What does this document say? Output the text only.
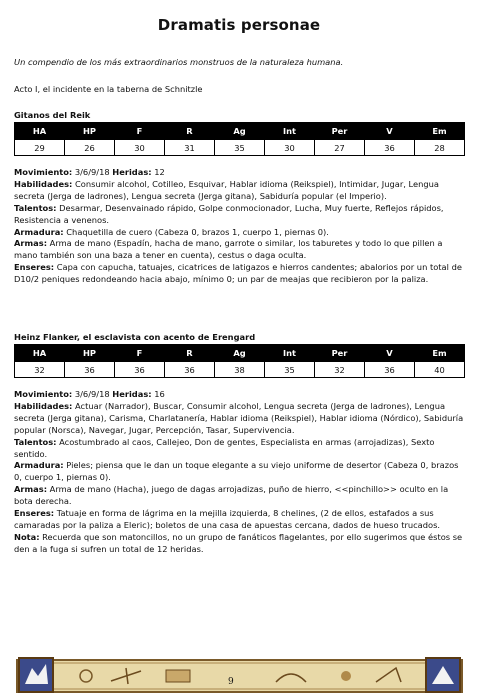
Dramatis personae
Un compendio de los más extraordinarios monstruos de la naturaleza humana.
Acto I, el incidente en la taberna de Schnitzle
Gitanos del Reik
HA	HP	F	R	Ag	Int	Per	V	Em
29	26	30	31	35	30	27	36	28

Movimiento: 3/6/9/18 Heridas: 12

Habilidades: Consumir alcohol, Cotilleo, Esquivar, Hablar idioma (Reikspiel), Intimidar, Jugar, Lengua secreta (Jerga de ladrones), Lengua secreta (Jerga gitana), Sabiduría popular (el Imperio).

Talentos: Desarmar, Desenvainado rápido, Golpe conmocionador, Lucha, Muy fuerte, Reflejos rápidos, Resistencia a venenos.

Armadura: Chaquetilla de cuero (Cabeza 0, brazos 1, cuerpo 1, piernas 0).

Armas: Arma de mano (Espadín, hacha de mano, garrote o similar, los taburetes y todo lo que pillen a mano también son una baza a tener en cuenta), cestus o daga oculta.

Enseres: Capa con capucha, tatuajes, cicatrices de latigazos e hierros candentes; abalorios por un total de D10/2 peniques redondeando hacia abajo, mínimo 0; un par de meajas que recibieron por la paliza.

Heinz Flanker, el esclavista con acento de Erengard
HA	HP	F	R	Ag	Int	Per	V	Em
32	36	36	36	38	35	32	36	40

Movimiento: 3/6/9/18 Heridas: 16

Habilidades: Actuar (Narrador), Buscar, Consumir alcohol, Lengua secreta (Jerga de ladrones), Lengua secreta (Jerga gitana), Carisma, Charlatanería, Hablar idioma (Reikspiel), Hablar idioma (Nórdico), Sabiduría popular (Norsca), Navegar, Jugar, Percepción, Tasar, Supervivencia.

Talentos: Acostumbrado al caos, Callejeo, Don de gentes, Especialista en armas (arrojadizas), Sexto sentido.

Armadura: Pieles; piensa que le dan un toque elegante a su viejo uniforme de desertor (Cabeza 0, brazos 0, cuerpo 1, piernas 0).

Armas: Arma de mano (Hacha), juego de dagas arrojadizas, puño de hierro, <<pinchillo>> oculto en la bota derecha.

Enseres: Tatuaje en forma de lágrima en la mejilla izquierda, 8 chelines, (2 de ellos, estafados a sus camaradas por la paliza a Eleric); boletos de una casa de apuestas cercana, dados de hueso trucados.

Nota: Recuerda que son matoncillos, no un grupo de fanáticos flagelantes, por ello sugerimos que éstos se den a la fuga si sufren un total de 12 heridas.

9
